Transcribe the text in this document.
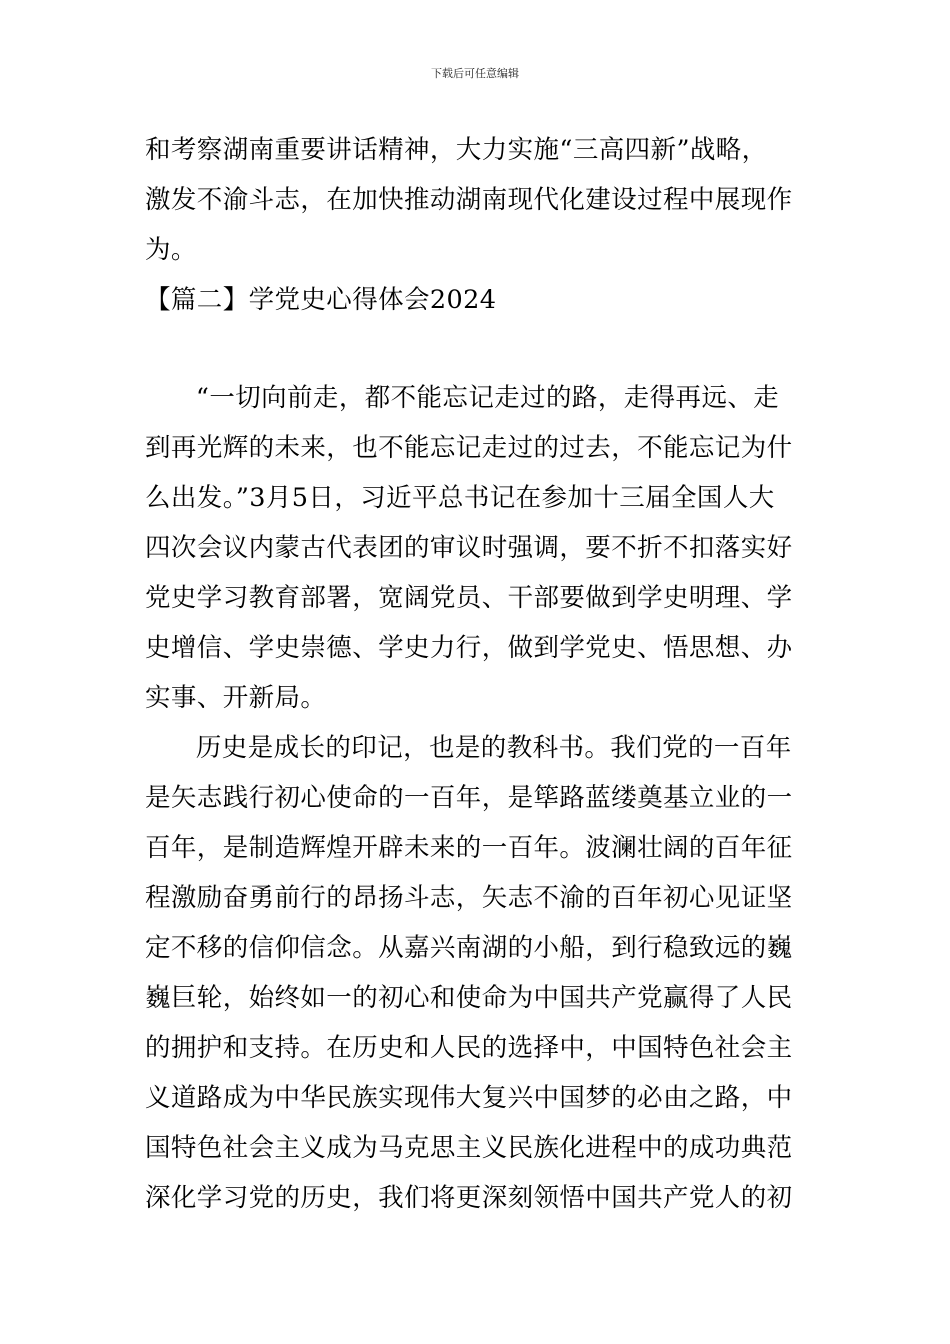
下载后可任意编辑
和考察湖南重要讲话精神，大力实施“三高四新”战略，
激发不渝斗志，在加快推动湖南现代化建设过程中展现作
为。
【篇二】学党史心得体会2024
　“一切向前走，都不能忘记走过的路，走得再远、走
到再光辉的未来，也不能忘记走过的过去，不能忘记为什
么出发。”3月5日，习近平总书记在参加十三届全国人大
四次会议内蒙古代表团的审议时强调，要不折不扣落实好
党史学习教育部署，宽阔党员、干部要做到学史明理、学
史增信、学史崇德、学史力行，做到学党史、悟思想、办
实事、开新局。
　历史是成长的印记，也是的教科书。我们党的一百年
是矢志践行初心使命的一百年，是筚路蓝缕奠基立业的一
百年，是制造辉煌开辟未来的一百年。波澜壮阔的百年征
程激励奋勇前行的昂扬斗志，矢志不渝的百年初心见证坚
定不移的信仰信念。从嘉兴南湖的小船，到行稳致远的巍
巍巨轮，始终如一的初心和使命为中国共产党赢得了人民
的拥护和支持。在历史和人民的选择中，中国特色社会主
义道路成为中华民族实现伟大复兴中国梦的必由之路，中
国特色社会主义成为马克思主义民族化进程中的成功典范
深化学习党的历史，我们将更深刻领悟中国共产党人的初
